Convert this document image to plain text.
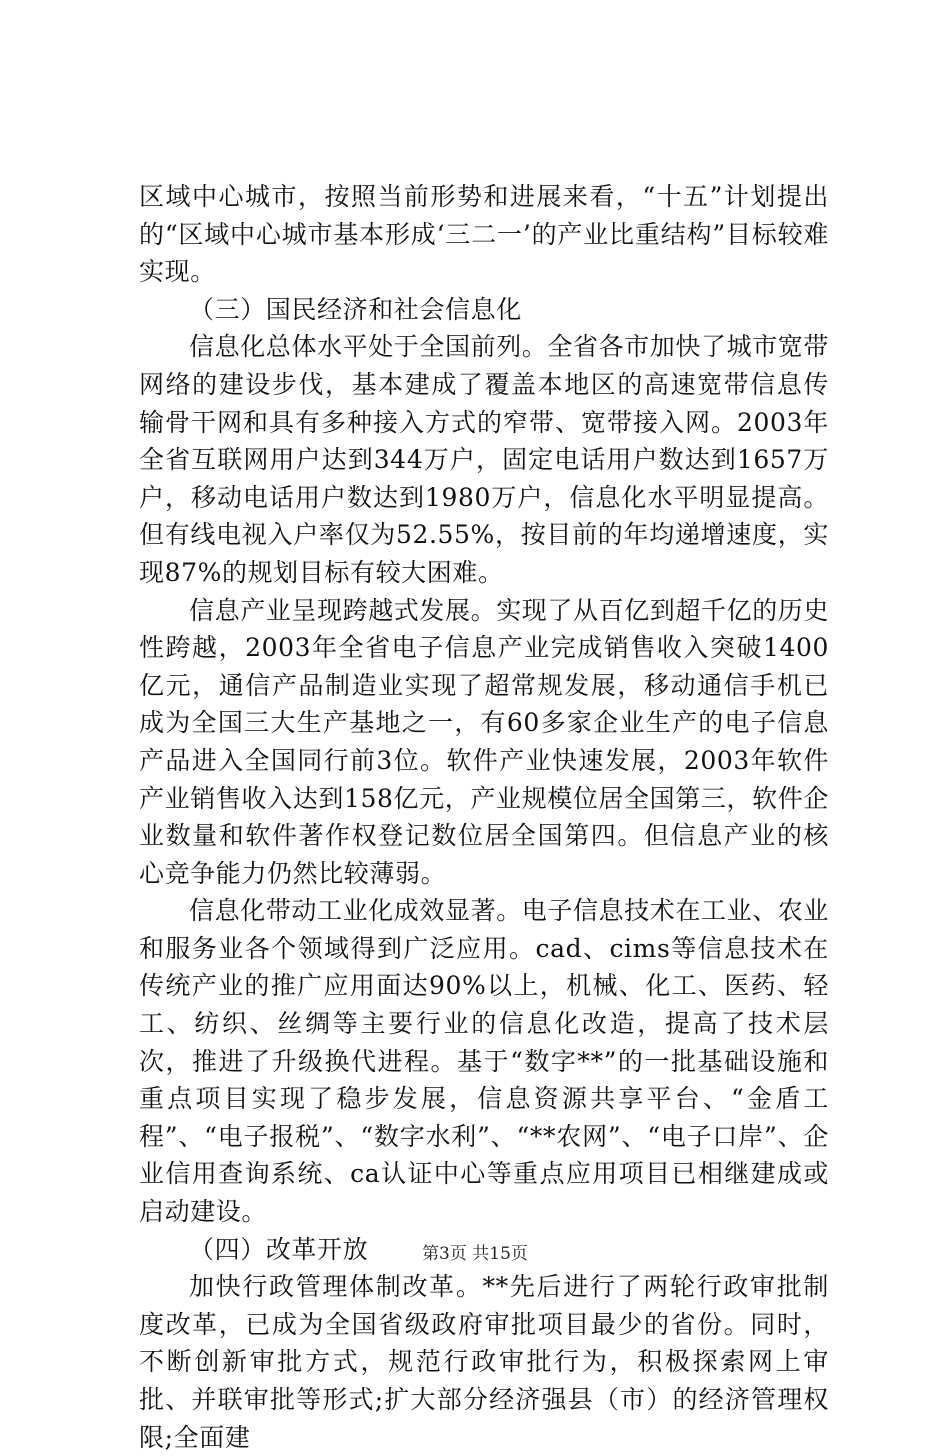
区域中心城市，按照当前形势和进展来看，“十五”计划提出的“区域中心城市基本形成‘三二一’的产业比重结构”目标较难实现。

（三）国民经济和社会信息化

信息化总体水平处于全国前列。全省各市加快了城市宽带网络的建设步伐，基本建成了覆盖本地区的高速宽带信息传输骨干网和具有多种接入方式的窄带、宽带接入网。2003年全省互联网用户达到344万户，固定电话用户数达到1657万户，移动电话用户数达到1980万户，信息化水平明显提高。但有线电视入户率仅为52.55%，按目前的年均递增速度，实现87%的规划目标有较大困难。

信息产业呈现跨越式发展。实现了从百亿到超千亿的历史性跨越，2003年全省电子信息产业完成销售收入突破1400亿元，通信产品制造业实现了超常规发展，移动通信手机已成为全国三大生产基地之一，有60多家企业生产的电子信息产品进入全国同行前3位。软件产业快速发展，2003年软件产业销售收入达到158亿元，产业规模位居全国第三，软件企业数量和软件著作权登记数位居全国第四。但信息产业的核心竞争能力仍然比较薄弱。

信息化带动工业化成效显著。电子信息技术在工业、农业和服务业各个领域得到广泛应用。cad、cims等信息技术在传统产业的推广应用面达90%以上，机械、化工、医药、轻工、纺织、丝绸等主要行业的信息化改造，提高了技术层次，推进了升级换代进程。基于“数字**”的一批基础设施和重点项目实现了稳步发展，信息资源共享平台、“金盾工程”、“电子报税”、“数字水利”、“**农网”、“电子口岸”、企业信用查询系统、ca认证中心等重点应用项目已相继建成或启动建设。

（四）改革开放

加快行政管理体制改革。**先后进行了两轮行政审批制度改革，已成为全国省级政府审批项目最少的省份。同时，不断创新审批方式，规范行政审批行为，积极探索网上审批、并联审批等形式;扩大部分经济强县（市）的经济管理权限;全面建

第3页 共15页
